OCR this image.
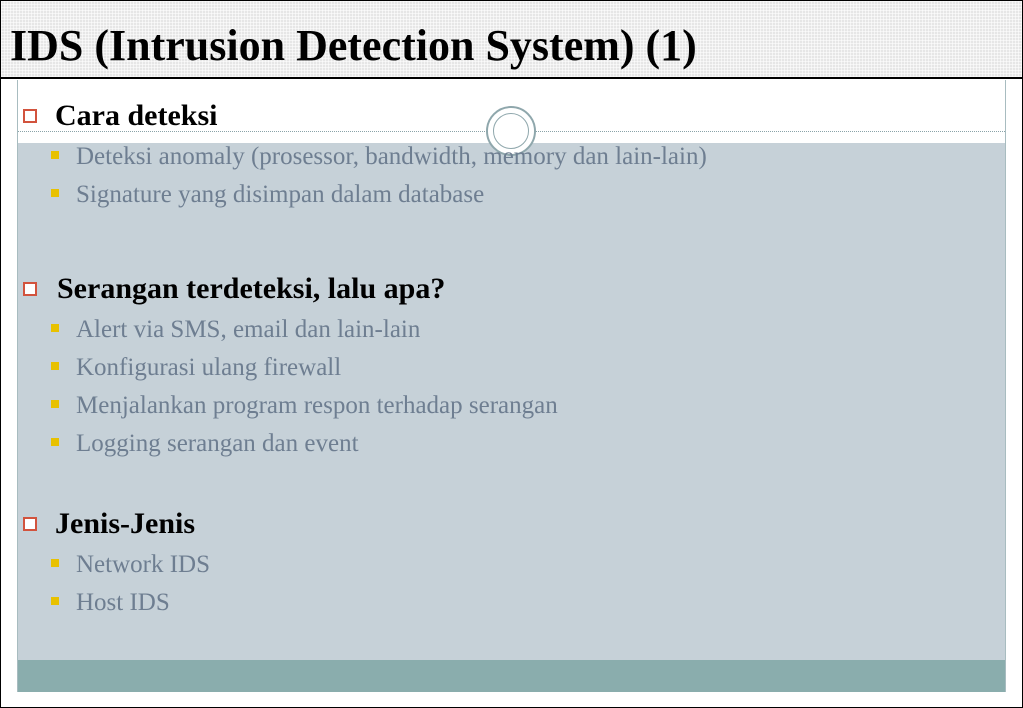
IDS (Intrusion Detection System) (1)
Cara deteksi
Deteksi anomaly (prosessor, bandwidth, memory dan lain-lain)
Signature yang disimpan dalam database
Serangan terdeteksi, lalu apa?
Alert via SMS, email dan lain-lain
Konfigurasi ulang firewall
Menjalankan program respon terhadap serangan
Logging serangan dan event
Jenis-Jenis
Network IDS
Host IDS
